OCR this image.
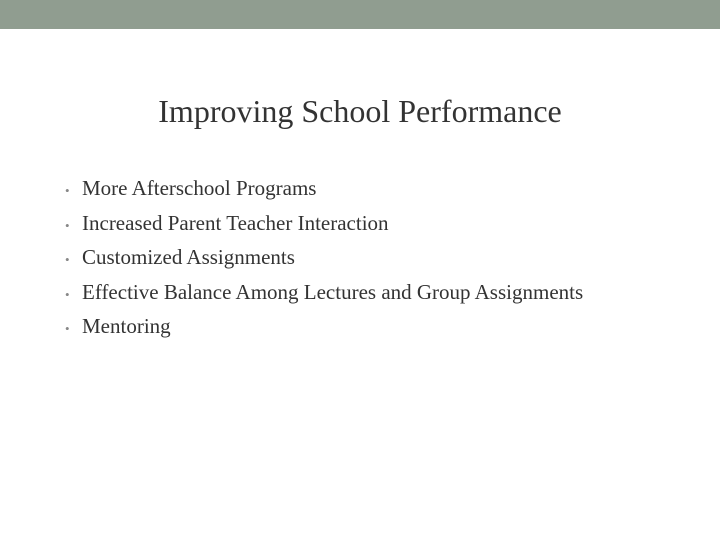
Improving School Performance
• More Afterschool Programs
• Increased Parent Teacher Interaction
• Customized Assignments
• Effective Balance Among Lectures and Group Assignments
• Mentoring
